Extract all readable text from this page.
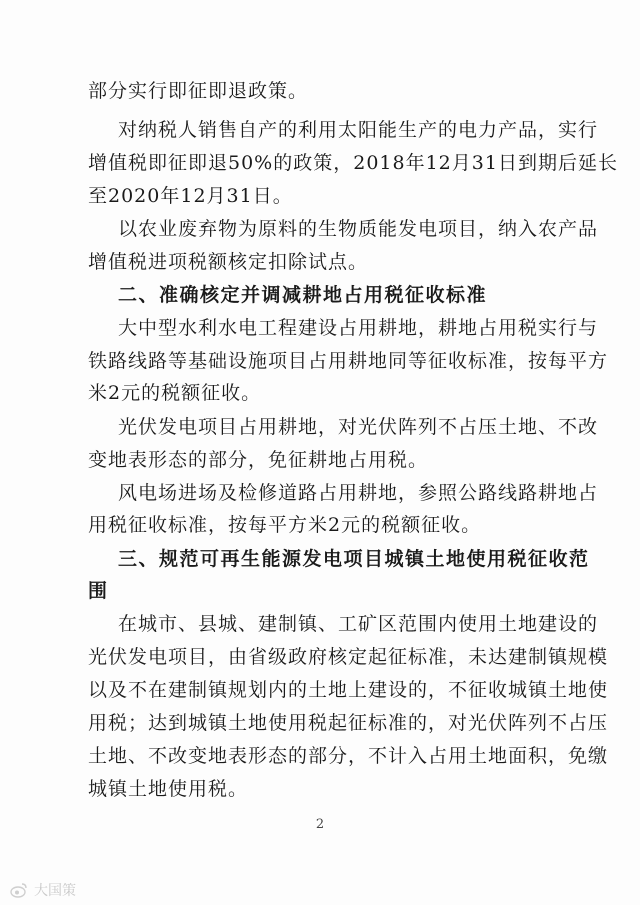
部分实行即征即退政策。
对纳税人销售自产的利用太阳能生产的电力产品，实行
增值税即征即退50%的政策，2018年12月31日到期后延长
至2020年12月31日。
以农业废弃物为原料的生物质能发电项目，纳入农产品
增值税进项税额核定扣除试点。
二、准确核定并调减耕地占用税征收标准
大中型水利水电工程建设占用耕地，耕地占用税实行与
铁路线路等基础设施项目占用耕地同等征收标准，按每平方
米2元的税额征收。
光伏发电项目占用耕地，对光伏阵列不占压土地、不改
变地表形态的部分，免征耕地占用税。
风电场进场及检修道路占用耕地，参照公路线路耕地占
用税征收标准，按每平方米2元的税额征收。
三、规范可再生能源发电项目城镇土地使用税征收范
围
在城市、县城、建制镇、工矿区范围内使用土地建设的
光伏发电项目，由省级政府核定起征标准，未达建制镇规模
以及不在建制镇规划内的土地上建设的，不征收城镇土地使
用税；达到城镇土地使用税起征标准的，对光伏阵列不占压
土地、不改变地表形态的部分，不计入占用土地面积，免缴
城镇土地使用税。
2
大国策
